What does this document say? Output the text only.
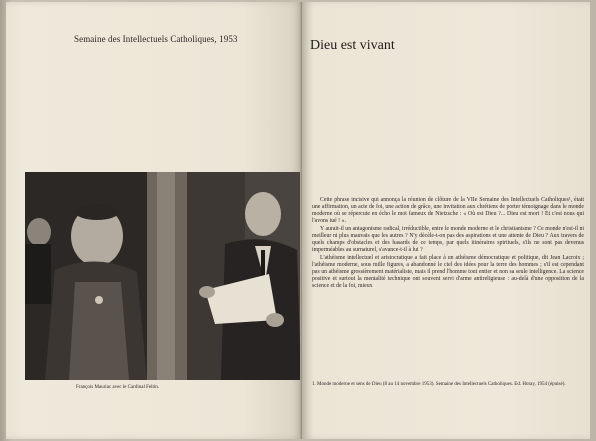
Semaine des Intellectuels Catholiques, 1953
François Mauriac avec le Cardinal Feltin.
Dieu est vivant

Cette phrase incisive qui annonça la réunion de clôture de la VIIe Semaine des Intellectuels Catholiques¹, était une affirmation, un acte de foi, une action de grâce, une invitation aux chrétiens de porter témoignage dans le monde moderne où se répercute en écho le mot fameux de Nietzsche : « Où est Dieu ?... Dieu est mort ! Et c'est nous qui l'avons tué ! ».

Y aurait-il un antagonisme radical, irréductible, entre le monde moderne et le christianisme ? Ce monde n'est-il ni meilleur ni plus mauvais que les autres ? N'y décèle-t-on pas des aspirations et une attente de Dieu ? Aux travers de quels champs d'obstacles et des hasards de ce temps, par quels itinéraires spirituels, s'ils ne sont pas devenus imperméables au surnaturel, s'avance-t-il à lui ?

L'athéisme intellectuel et aristocratique a fait place à un athéisme démocratique et politique, dit Jean Lacroix ; l'athéisme moderne, sous mille figures, a abandonné le ciel des idées pour la terre des hommes ; s'il est cependant pas un athéisme grossièrement matérialiste, mais il prend l'homme tout entier et non sa seule intelligence. La science positive et surtout la mentalité technique ont souvent servi d'arme antireligieuse : au-delà d'une opposition de la science et de la foi, mieux

1. Monde moderne et sens de Dieu (8 au 14 novembre 1953). Semaine des Intellectuels Catholiques. Ed. Horay, 1954 (épuisé).
